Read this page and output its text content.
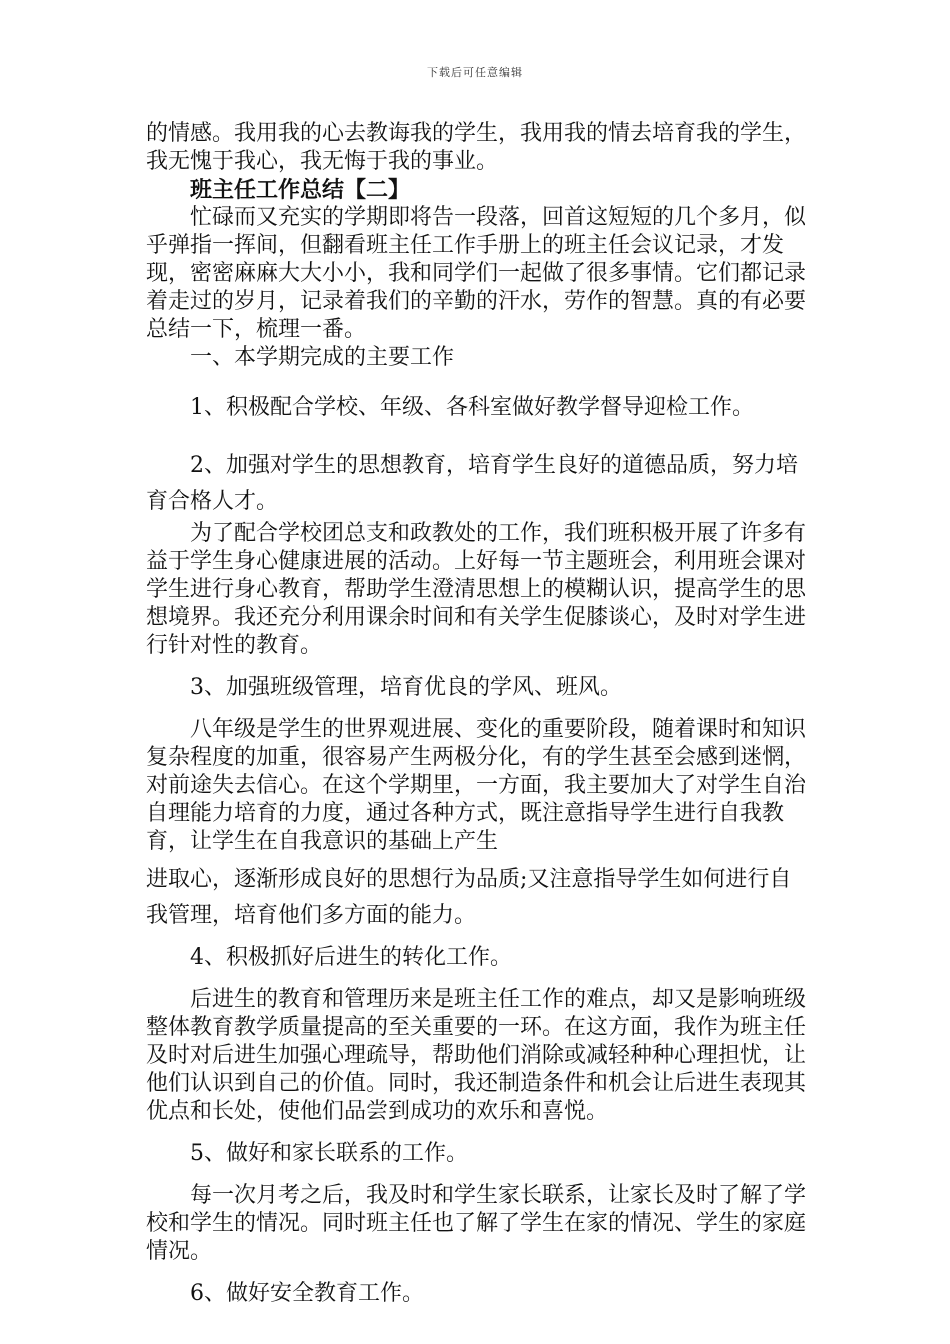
下载后可任意编辑

的情感。我用我的心去教诲我的学生，我用我的情去培育我的学生，我无愧于我心，我无悔于我的事业。

班主任工作总结【二】

忙碌而又充实的学期即将告一段落，回首这短短的几个多月，似乎弹指一挥间，但翻看班主任工作手册上的班主任会议记录，才发现，密密麻麻大大小小，我和同学们一起做了很多事情。它们都记录着走过的岁月，记录着我们的辛勤的汗水，劳作的智慧。真的有必要总结一下，梳理一番。

一、本学期完成的主要工作

1、积极配合学校、年级、各科室做好教学督导迎检工作。

2、加强对学生的思想教育，培育学生良好的道德品质，努力培育合格人才。

为了配合学校团总支和政教处的工作，我们班积极开展了许多有益于学生身心健康进展的活动。上好每一节主题班会，利用班会课对学生进行身心教育，帮助学生澄清思想上的模糊认识，提高学生的思想境界。我还充分利用课余时间和有关学生促膝谈心，及时对学生进行针对性的教育。

3、加强班级管理，培育优良的学风、班风。

八年级是学生的世界观进展、变化的重要阶段，随着课时和知识复杂程度的加重，很容易产生两极分化，有的学生甚至会感到迷惘，对前途失去信心。在这个学期里，一方面，我主要加大了对学生自治自理能力培育的力度，通过各种方式，既注意指导学生进行自我教育，让学生在自我意识的基础上产生

进取心，逐渐形成良好的思想行为品质;又注意指导学生如何进行自我管理，培育他们多方面的能力。

4、积极抓好后进生的转化工作。

后进生的教育和管理历来是班主任工作的难点，却又是影响班级整体教育教学质量提高的至关重要的一环。在这方面，我作为班主任及时对后进生加强心理疏导，帮助他们消除或减轻种种心理担忧，让他们认识到自己的价值。同时，我还制造条件和机会让后进生表现其优点和长处，使他们品尝到成功的欢乐和喜悦。

5、做好和家长联系的工作。

每一次月考之后，我及时和学生家长联系，让家长及时了解了学校和学生的情况。同时班主任也了解了学生在家的情况、学生的家庭情况。

6、做好安全教育工作。
